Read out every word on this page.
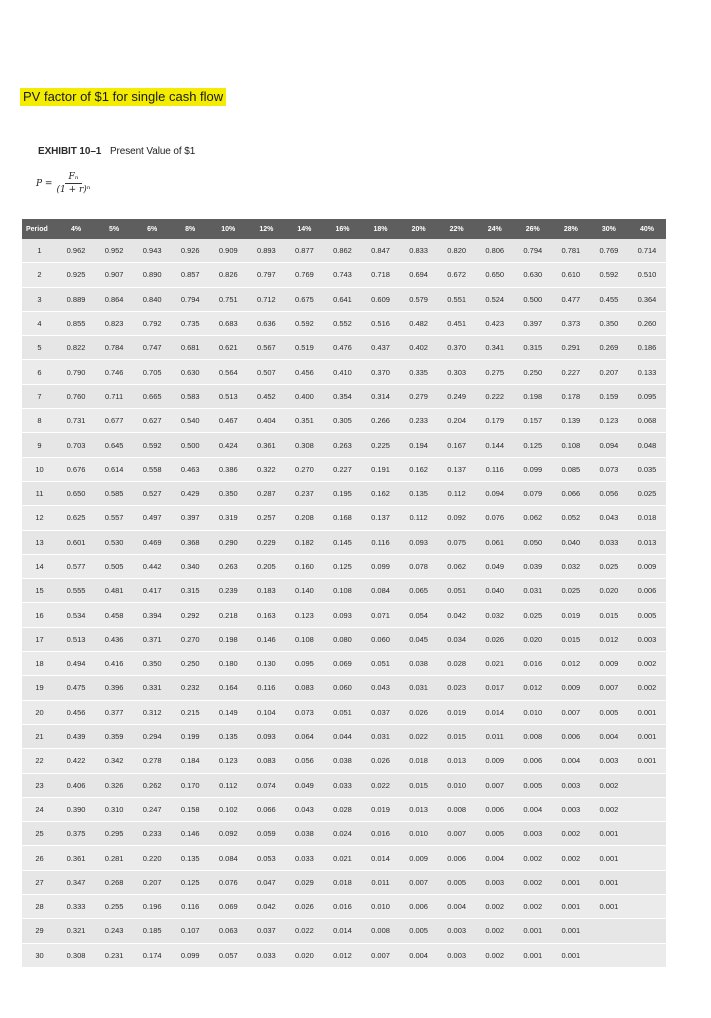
PV factor of $1 for single cash flow
EXHIBIT 10–1 Present Value of $1
$P = \frac{\text{Fₙ}}{\text{(1 + r)ⁿ}}$
Period	4%	5%	6%	8%	10%	12%	14%	16%	18%	20%	22%	24%	26%	28%	30%	40%
1	0.962	0.952	0.943	0.926	0.909	0.893	0.877	0.862	0.847	0.833	0.820	0.806	0.794	0.781	0.769	0.714
2	0.925	0.907	0.890	0.857	0.826	0.797	0.769	0.743	0.718	0.694	0.672	0.650	0.630	0.610	0.592	0.510
3	0.889	0.864	0.840	0.794	0.751	0.712	0.675	0.641	0.609	0.579	0.551	0.524	0.500	0.477	0.455	0.364
4	0.855	0.823	0.792	0.735	0.683	0.636	0.592	0.552	0.516	0.482	0.451	0.423	0.397	0.373	0.350	0.260
5	0.822	0.784	0.747	0.681	0.621	0.567	0.519	0.476	0.437	0.402	0.370	0.341	0.315	0.291	0.269	0.186
6	0.790	0.746	0.705	0.630	0.564	0.507	0.456	0.410	0.370	0.335	0.303	0.275	0.250	0.227	0.207	0.133
7	0.760	0.711	0.665	0.583	0.513	0.452	0.400	0.354	0.314	0.279	0.249	0.222	0.198	0.178	0.159	0.095
8	0.731	0.677	0.627	0.540	0.467	0.404	0.351	0.305	0.266	0.233	0.204	0.179	0.157	0.139	0.123	0.068
9	0.703	0.645	0.592	0.500	0.424	0.361	0.308	0.263	0.225	0.194	0.167	0.144	0.125	0.108	0.094	0.048
10	0.676	0.614	0.558	0.463	0.386	0.322	0.270	0.227	0.191	0.162	0.137	0.116	0.099	0.085	0.073	0.035
11	0.650	0.585	0.527	0.429	0.350	0.287	0.237	0.195	0.162	0.135	0.112	0.094	0.079	0.066	0.056	0.025
12	0.625	0.557	0.497	0.397	0.319	0.257	0.208	0.168	0.137	0.112	0.092	0.076	0.062	0.052	0.043	0.018
13	0.601	0.530	0.469	0.368	0.290	0.229	0.182	0.145	0.116	0.093	0.075	0.061	0.050	0.040	0.033	0.013
14	0.577	0.505	0.442	0.340	0.263	0.205	0.160	0.125	0.099	0.078	0.062	0.049	0.039	0.032	0.025	0.009
15	0.555	0.481	0.417	0.315	0.239	0.183	0.140	0.108	0.084	0.065	0.051	0.040	0.031	0.025	0.020	0.006
16	0.534	0.458	0.394	0.292	0.218	0.163	0.123	0.093	0.071	0.054	0.042	0.032	0.025	0.019	0.015	0.005
17	0.513	0.436	0.371	0.270	0.198	0.146	0.108	0.080	0.060	0.045	0.034	0.026	0.020	0.015	0.012	0.003
18	0.494	0.416	0.350	0.250	0.180	0.130	0.095	0.069	0.051	0.038	0.028	0.021	0.016	0.012	0.009	0.002
19	0.475	0.396	0.331	0.232	0.164	0.116	0.083	0.060	0.043	0.031	0.023	0.017	0.012	0.009	0.007	0.002
20	0.456	0.377	0.312	0.215	0.149	0.104	0.073	0.051	0.037	0.026	0.019	0.014	0.010	0.007	0.005	0.001
21	0.439	0.359	0.294	0.199	0.135	0.093	0.064	0.044	0.031	0.022	0.015	0.011	0.008	0.006	0.004	0.001
22	0.422	0.342	0.278	0.184	0.123	0.083	0.056	0.038	0.026	0.018	0.013	0.009	0.006	0.004	0.003	0.001
23	0.406	0.326	0.262	0.170	0.112	0.074	0.049	0.033	0.022	0.015	0.010	0.007	0.005	0.003	0.002	
24	0.390	0.310	0.247	0.158	0.102	0.066	0.043	0.028	0.019	0.013	0.008	0.006	0.004	0.003	0.002	
25	0.375	0.295	0.233	0.146	0.092	0.059	0.038	0.024	0.016	0.010	0.007	0.005	0.003	0.002	0.001	
26	0.361	0.281	0.220	0.135	0.084	0.053	0.033	0.021	0.014	0.009	0.006	0.004	0.002	0.002	0.001	
27	0.347	0.268	0.207	0.125	0.076	0.047	0.029	0.018	0.011	0.007	0.005	0.003	0.002	0.001	0.001	
28	0.333	0.255	0.196	0.116	0.069	0.042	0.026	0.016	0.010	0.006	0.004	0.002	0.002	0.001	0.001	
29	0.321	0.243	0.185	0.107	0.063	0.037	0.022	0.014	0.008	0.005	0.003	0.002	0.001	0.001		
30	0.308	0.231	0.174	0.099	0.057	0.033	0.020	0.012	0.007	0.004	0.003	0.002	0.001	0.001		
